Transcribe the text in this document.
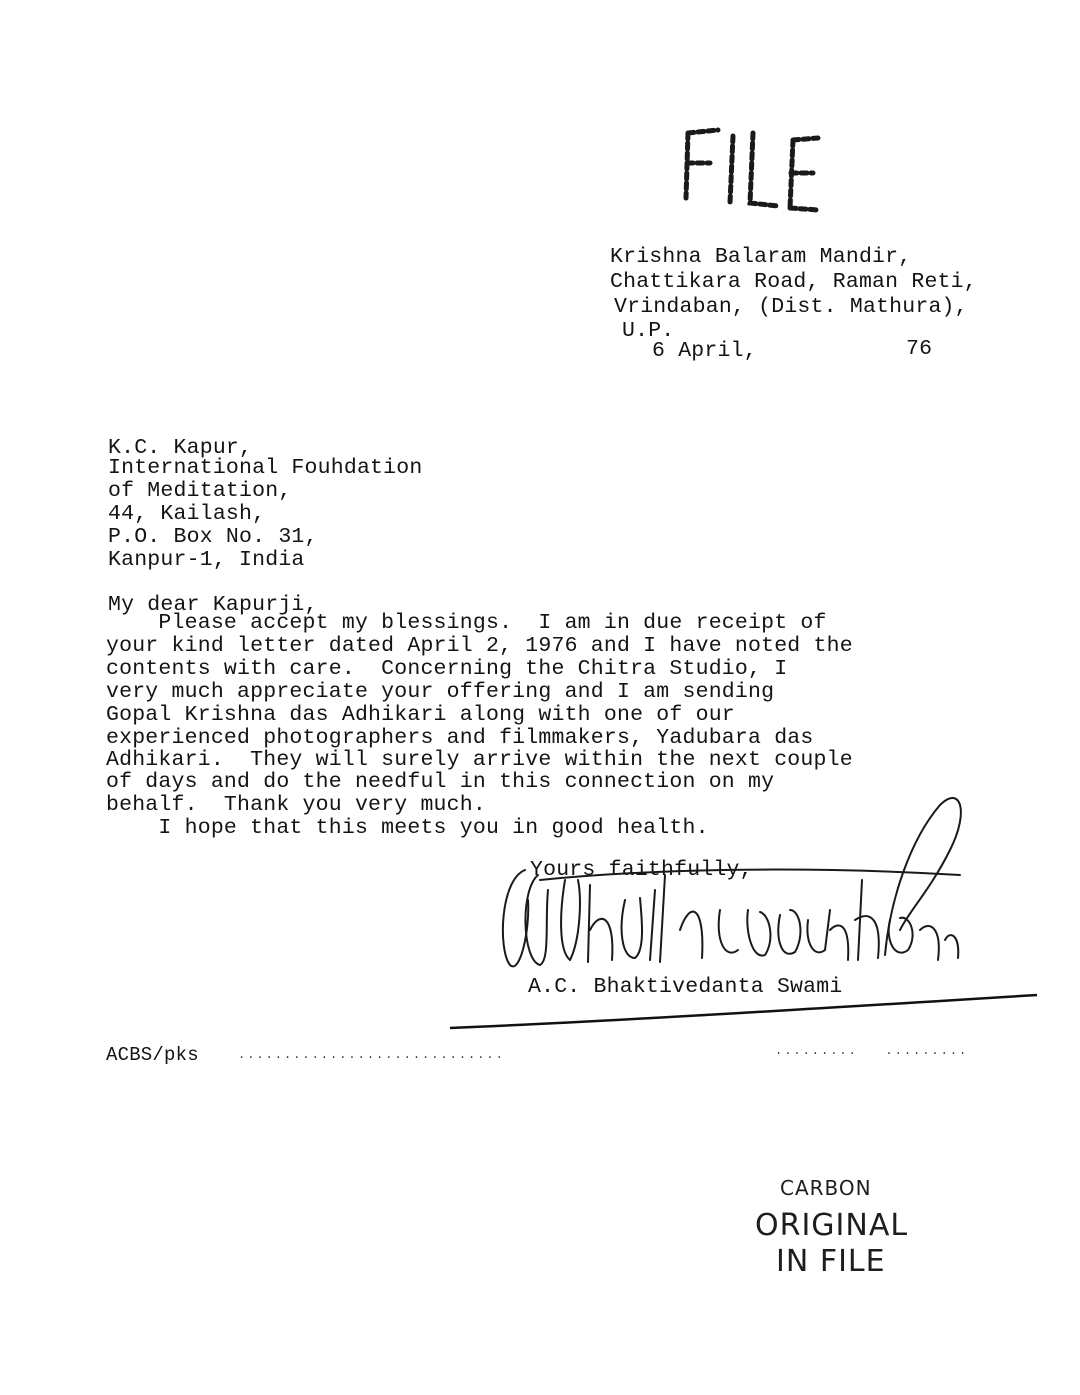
Krishna Balaram Mandir,
Chattikara Road, Raman Reti,
Vrindaban, (Dist. Mathura),
U.P.
6 April,	76
K.C. Kapur,
International Fouhdation
of Meditation,
44, Kailash,
P.O. Box No. 31,
Kanpur-1, India
My dear Kapurji,
Please accept my blessings.  I am in due receipt of
your kind letter dated April 2, 1976 and I have noted the
contents with care.  Concerning the Chitra Studio, I
very much appreciate your offering and I am sending
Gopal Krishna das Adhikari along with one of our
experienced photographers and filmmakers, Yadubara das
Adhikari.  They will surely arrive within the next couple
of days and do the needful in this connection on my
behalf.  Thank you very much.
I hope that this meets you in good health.
Yours faithfully,
A.C. Bhaktivedanta Swami
ACBS/pks	.............................	.........   .........
CARBON
ORIGINAL
IN FILE
